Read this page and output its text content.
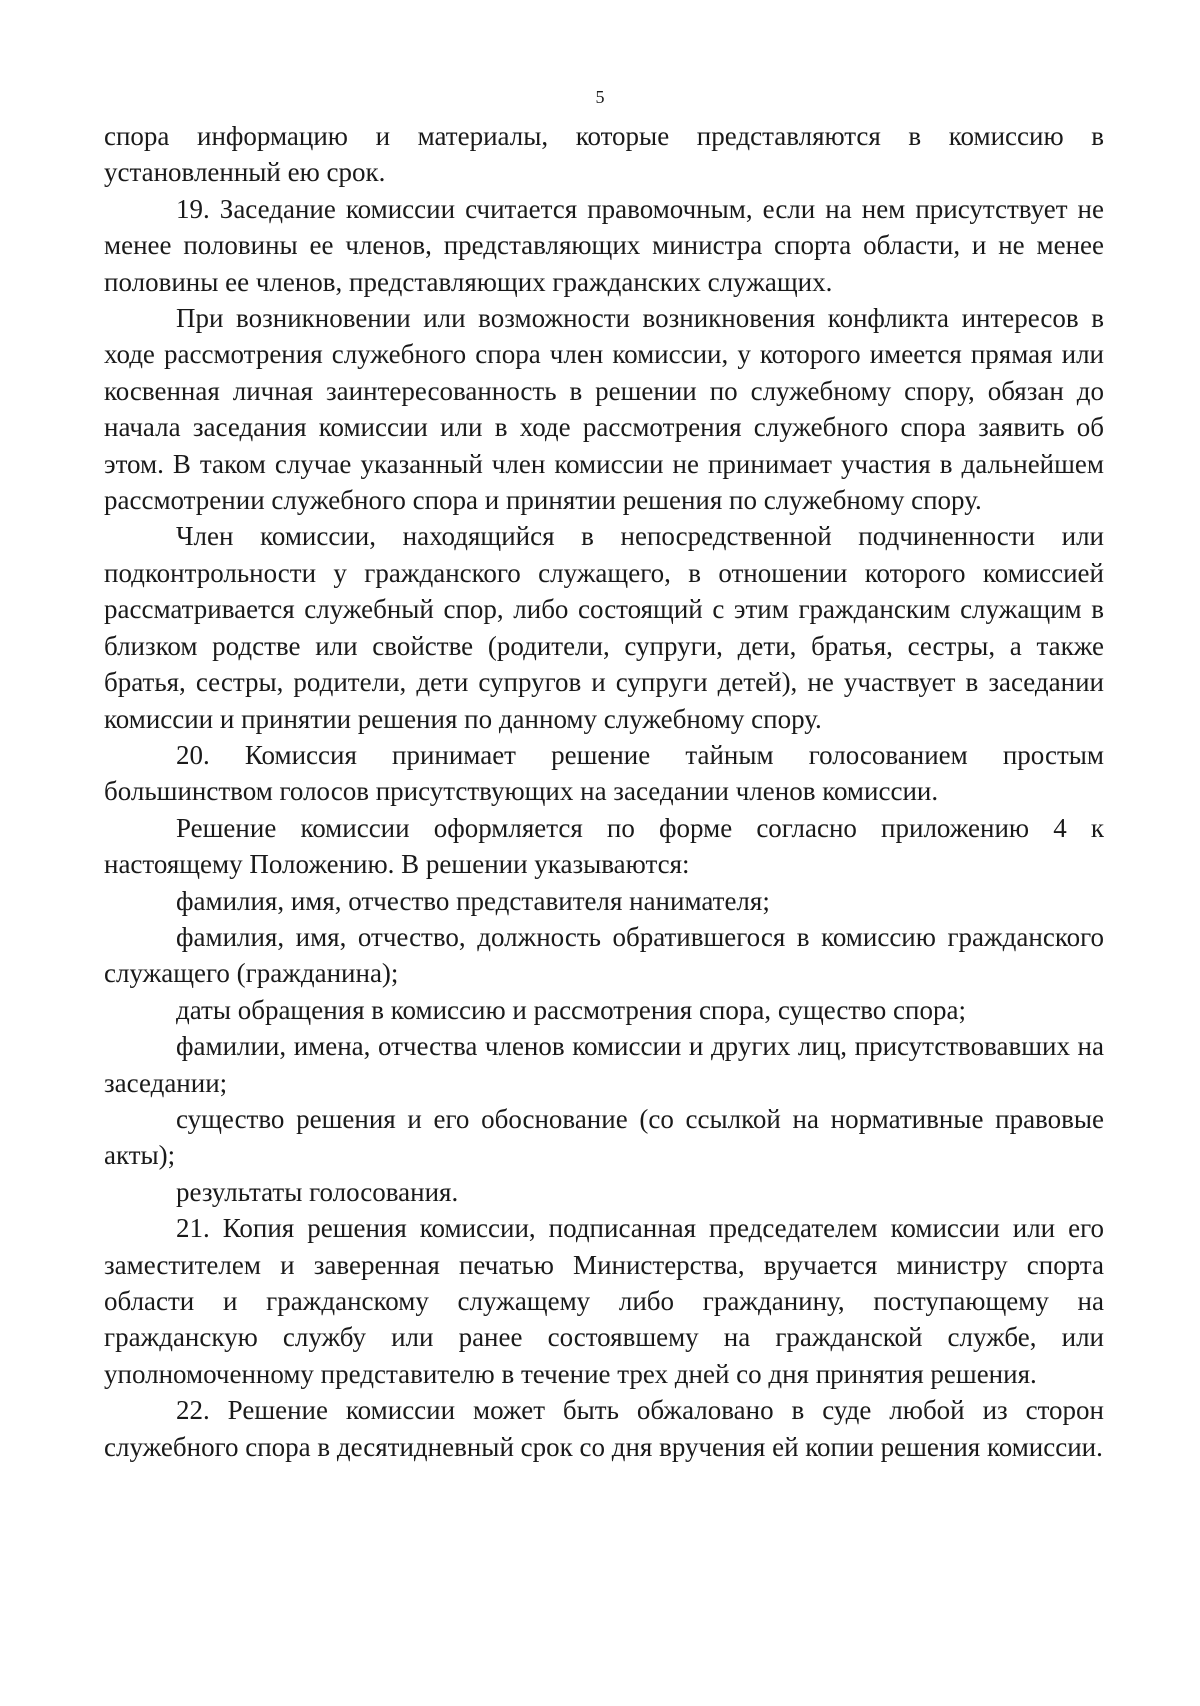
5

спора информацию и материалы, которые представляются в комиссию в установленный ею срок.

19. Заседание комиссии считается правомочным, если на нем присутствует не менее половины ее членов, представляющих министра спорта области, и не менее половины ее членов, представляющих гражданских служащих.

При возникновении или возможности возникновения конфликта интересов в ходе рассмотрения служебного спора член комиссии, у которого имеется прямая или косвенная личная заинтересованность в решении по служебному спору, обязан до начала заседания комиссии или в ходе рассмотрения служебного спора заявить об этом. В таком случае указанный член комиссии не принимает участия в дальнейшем рассмотрении служебного спора и принятии решения по служебному спору.

Член комиссии, находящийся в непосредственной подчиненности или подконтрольности у гражданского служащего, в отношении которого комиссией рассматривается служебный спор, либо состоящий с этим гражданским служащим в близком родстве или свойстве (родители, супруги, дети, братья, сестры, а также братья, сестры, родители, дети супругов и супруги детей), не участвует в заседании комиссии и принятии решения по данному служебному спору.

20. Комиссия принимает решение тайным голосованием простым большинством голосов присутствующих на заседании членов комиссии.

Решение комиссии оформляется по форме согласно приложению 4 к настоящему Положению. В решении указываются:

фамилия, имя, отчество представителя нанимателя;

фамилия, имя, отчество, должность обратившегося в комиссию гражданского служащего (гражданина);

даты обращения в комиссию и рассмотрения спора, существо спора;

фамилии, имена, отчества членов комиссии и других лиц, присутствовавших на заседании;

существо решения и его обоснование (со ссылкой на нормативные правовые акты);

результаты голосования.

21. Копия решения комиссии, подписанная председателем комиссии или его заместителем и заверенная печатью Министерства, вручается министру спорта области и гражданскому служащему либо гражданину, поступающему на гражданскую службу или ранее состоявшему на гражданской службе, или уполномоченному представителю в течение трех дней со дня принятия решения.

22. Решение комиссии может быть обжаловано в суде любой из сторон служебного спора в десятидневный срок со дня вручения ей копии решения комиссии.
